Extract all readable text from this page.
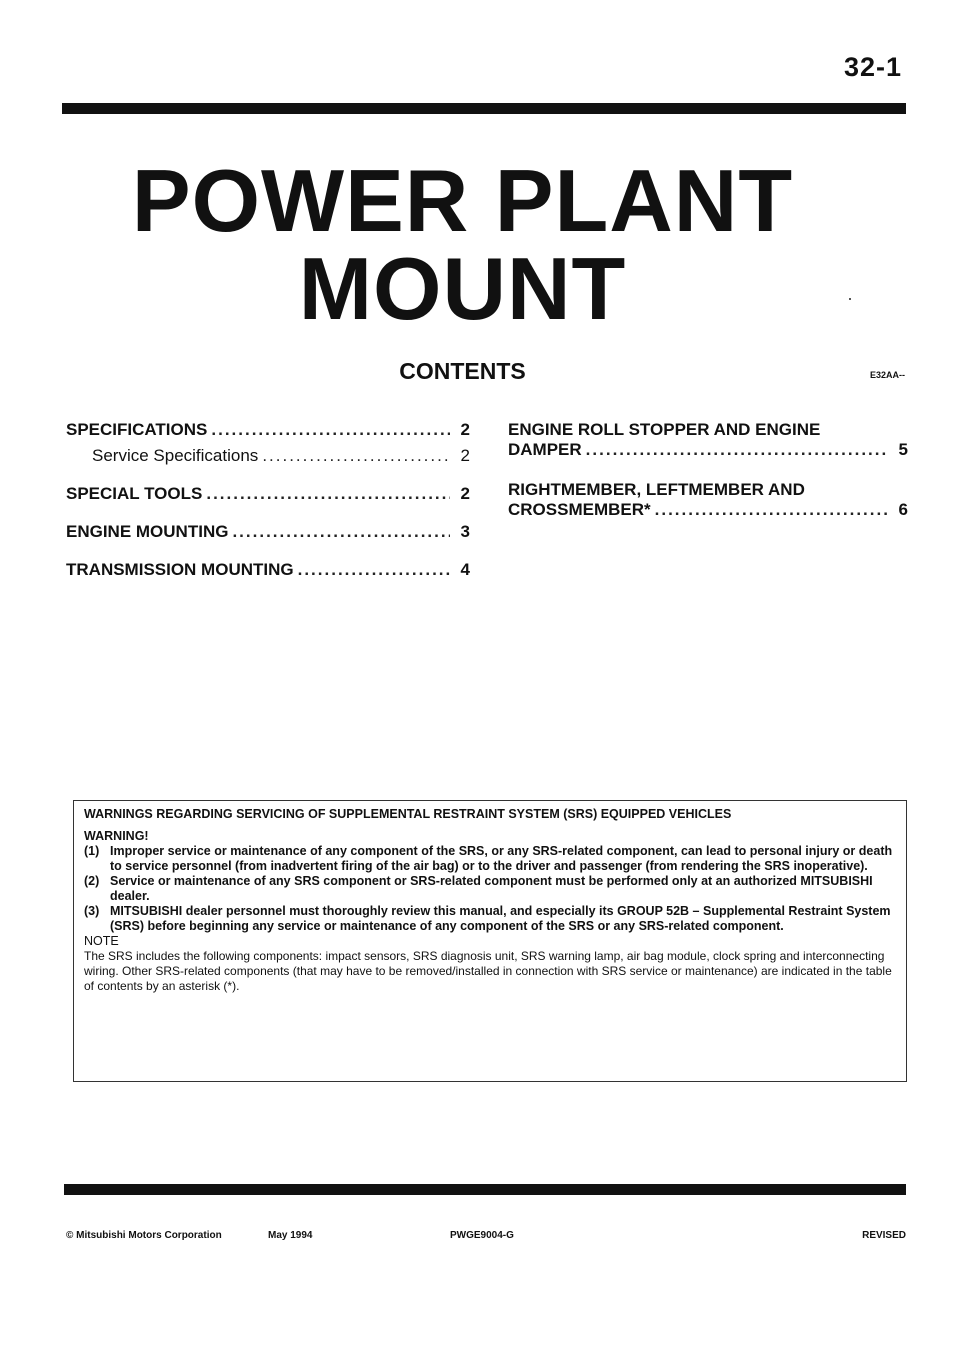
32-1
POWER PLANT
MOUNT
CONTENTS	E32AA--
SPECIFICATIONS .....	2
Service Specifications .....	2
SPECIAL TOOLS .....	2
ENGINE MOUNTING .....	3
TRANSMISSION MOUNTING .....	4
ENGINE ROLL STOPPER AND ENGINE
DAMPER .....	5
RIGHTMEMBER, LEFTMEMBER AND
CROSSMEMBER* .....	6
WARNINGS REGARDING SERVICING OF SUPPLEMENTAL RESTRAINT SYSTEM (SRS) EQUIPPED VEHICLES
WARNING!
(1) Improper service or maintenance of any component of the SRS, or any SRS-related component, can lead to personal injury or death to service personnel (from inadvertent firing of the air bag) or to the driver and passenger (from rendering the SRS inoperative).
(2) Service or maintenance of any SRS component or SRS-related component must be performed only at an authorized MITSUBISHI dealer.
(3) MITSUBISHI dealer personnel must thoroughly review this manual, and especially its GROUP 52B – Supplemental Restraint System (SRS) before beginning any service or maintenance of any component of the SRS or any SRS-related component.
NOTE
The SRS includes the following components: impact sensors, SRS diagnosis unit, SRS warning lamp, air bag module, clock spring and interconnecting wiring. Other SRS-related components (that may have to be removed/installed in connection with SRS service or maintenance) are indicated in the table of contents by an asterisk (*).
© Mitsubishi Motors Corporation	May 1994	PWGE9004-G	REVISED
